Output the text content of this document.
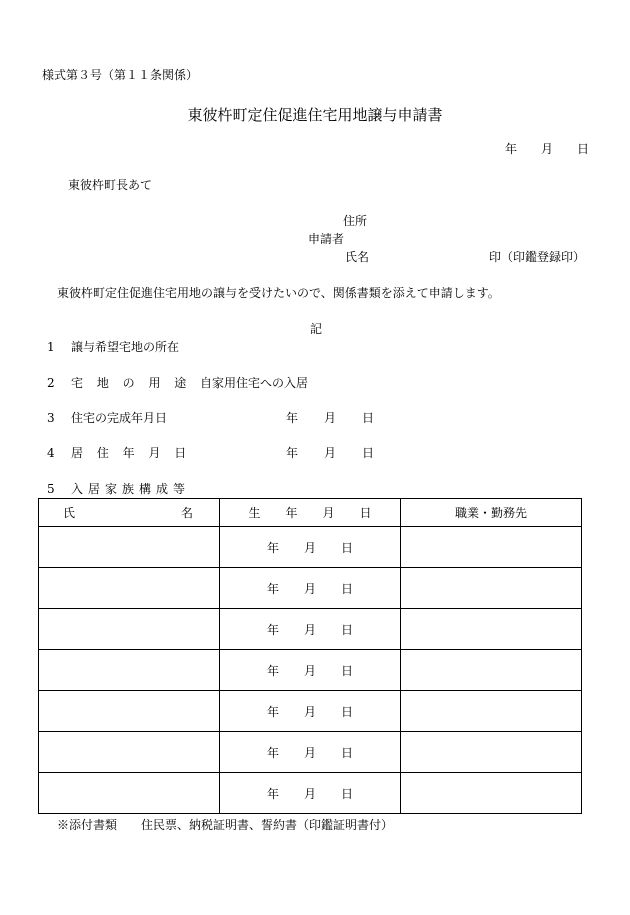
様式第３号（第１１条関係）
東彼杵町定住促進住宅用地譲与申請書
年 月 日
東彼杵町長あて
住所
申請者
氏名	印（印鑑登録印）
東彼杵町定住促進住宅用地の譲与を受けたいので、関係書類を添えて申請します。
記
1 譲与希望宅地の所在
2 宅 地 の 用 途 自家用住宅への入居
3 住宅の完成年月日	年 月 日
4 居 住 年 月 日	年 月 日
5 入居家族構成等
氏 名	生 年 月 日	職業・勤務先
	年 月 日	
	年 月 日	
	年 月 日	
	年 月 日	
	年 月 日	
	年 月 日	
	年 月 日	
※添付書類　　住民票、納税証明書、誓約書（印鑑証明書付）
